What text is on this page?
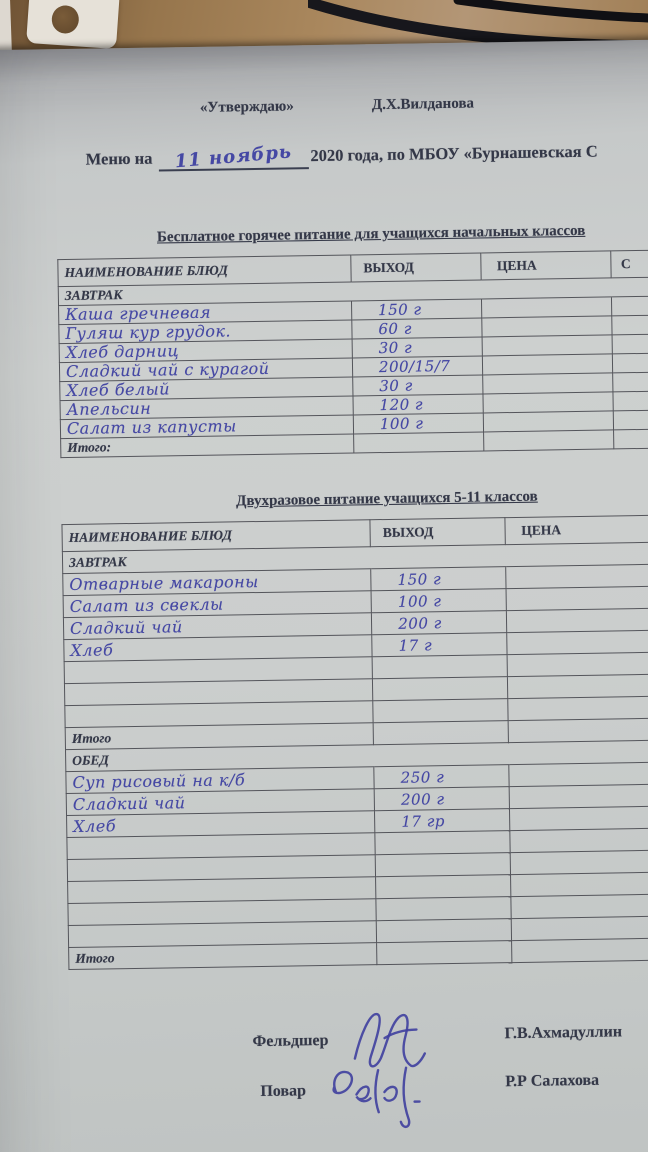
«Утверждаю»	Д.Х.Вилданова
Меню на 11 ноябрь 2020 года, по МБОУ «Бурнашевская С
Бесплатное горячее питание для учащихся начальных классов
НАИМЕНОВАНИЕ БЛЮД	ВЫХОД	ЦЕНА	С
ЗАВТРАК			
Каша гречневая	150 г		
Гуляш кур грудок.	60 г		
Хлеб дарниц	30 г		
Сладкий чай с курагой	200/15/7		
Хлеб белый	30 г		
Апельсин	120 г		
Салат из капусты	100 г		
Итого:			
Двухразовое питание учащихся 5-11 классов
НАИМЕНОВАНИЕ БЛЮД	ВЫХОД	ЦЕНА
ЗАВТРАК		
Отварные макароны	150 г	
Салат из свеклы	100 г	
Сладкий чай	200 г	
Хлеб	17 г	

Итого		
ОБЕД		
Суп рисовый на к/б	250 г	
Сладкий чай	200 г	
Хлеб	17 гр	

Итого		
Фельдшер	Г.В.Ахмадуллин
Повар
Р.Р Салахова
